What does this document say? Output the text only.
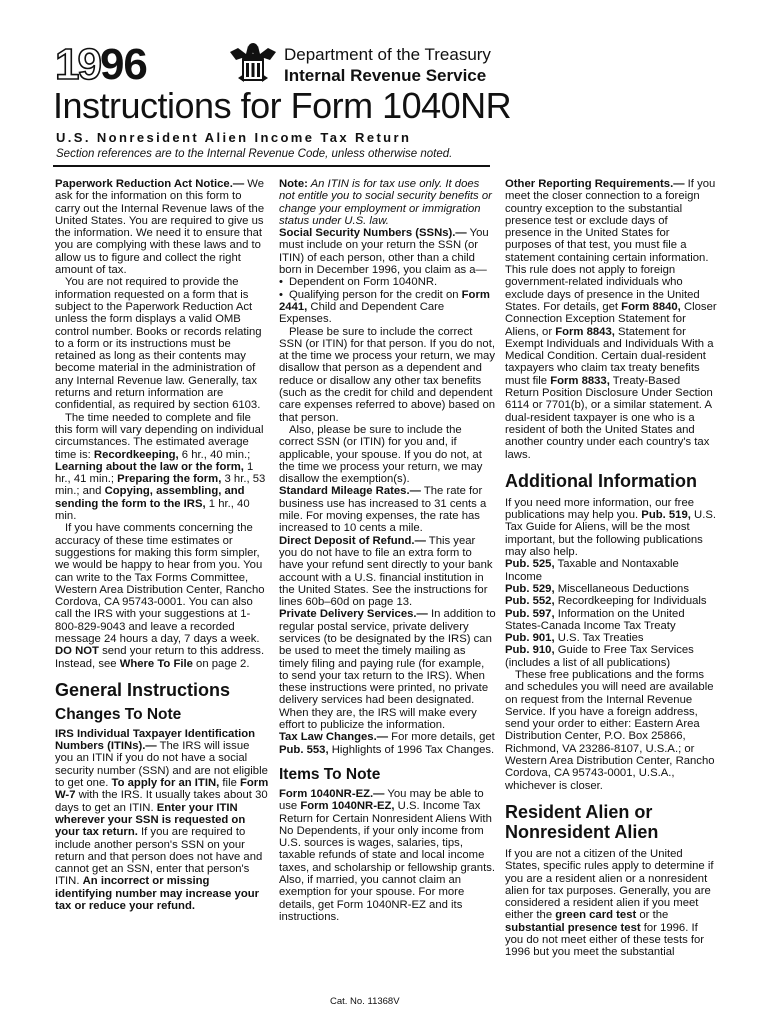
19 96	Department of the Treasury
Internal Revenue Service
Instructions for Form 1040NR
U.S. Nonresident Alien Income Tax Return
Section references are to the Internal Revenue Code, unless otherwise noted.

Paperwork Reduction Act Notice.— We ask for the information on this form to carry out the Internal Revenue laws of the United States. You are required to give us the information. We need it to ensure that you are complying with these laws and to allow us to figure and collect the right amount of tax.

You are not required to provide the information requested on a form that is subject to the Paperwork Reduction Act unless the form displays a valid OMB control number. Books or records relating to a form or its instructions must be retained as long as their contents may become material in the administration of any Internal Revenue law. Generally, tax returns and return information are confidential, as required by section 6103.

The time needed to complete and file this form will vary depending on individual circumstances. The estimated average time is: Recordkeeping, 6 hr., 40 min.; Learning about the law or the form, 1 hr., 41 min.; Preparing the form, 3 hr., 53 min.; and Copying, assembling, and sending the form to the IRS, 1 hr., 40 min.

If you have comments concerning the accuracy of these time estimates or suggestions for making this form simpler, we would be happy to hear from you. You can write to the Tax Forms Committee, Western Area Distribution Center, Rancho Cordova, CA 95743-0001. You can also call the IRS with your suggestions at 1-800-829-9043 and leave a recorded message 24 hours a day, 7 days a week. DO NOT send your return to this address. Instead, see Where To File on page 2.

General Instructions

Changes To Note

IRS Individual Taxpayer Identification Numbers (ITINs).— The IRS will issue you an ITIN if you do not have a social security number (SSN) and are not eligible to get one. To apply for an ITIN, file Form W-7 with the IRS. It usually takes about 30 days to get an ITIN. Enter your ITIN wherever your SSN is requested on your tax return. If you are required to include another person's SSN on your return and that person does not have and cannot get an SSN, enter that person's ITIN. An incorrect or missing identifying number may increase your tax or reduce your refund.

Note: An ITIN is for tax use only. It does not entitle you to social security benefits or change your employment or immigration status under U.S. law.

Social Security Numbers (SSNs).— You must include on your return the SSN (or ITIN) of each person, other than a child born in December 1996, you claim as a—

• Dependent on Form 1040NR.

• Qualifying person for the credit on Form 2441, Child and Dependent Care Expenses.

Please be sure to include the correct SSN (or ITIN) for that person. If you do not, at the time we process your return, we may disallow that person as a dependent and reduce or disallow any other tax benefits (such as the credit for child and dependent care expenses referred to above) based on that person.

Also, please be sure to include the correct SSN (or ITIN) for you and, if applicable, your spouse. If you do not, at the time we process your return, we may disallow the exemption(s).

Standard Mileage Rates.— The rate for business use has increased to 31 cents a mile. For moving expenses, the rate has increased to 10 cents a mile.

Direct Deposit of Refund.— This year you do not have to file an extra form to have your refund sent directly to your bank account with a U.S. financial institution in the United States. See the instructions for lines 60b–60d on page 13.

Private Delivery Services.— In addition to regular postal service, private delivery services (to be designated by the IRS) can be used to meet the timely mailing as timely filing and paying rule (for example, to send your tax return to the IRS). When these instructions were printed, no private delivery services had been designated. When they are, the IRS will make every effort to publicize the information.

Tax Law Changes.— For more details, get Pub. 553, Highlights of 1996 Tax Changes.

Items To Note

Form 1040NR-EZ.— You may be able to use Form 1040NR-EZ, U.S. Income Tax Return for Certain Nonresident Aliens With No Dependents, if your only income from U.S. sources is wages, salaries, tips, taxable refunds of state and local income taxes, and scholarship or fellowship grants. Also, if married, you cannot claim an exemption for your spouse. For more details, get Form 1040NR-EZ and its instructions.

Other Reporting Requirements.— If you meet the closer connection to a foreign country exception to the substantial presence test or exclude days of presence in the United States for purposes of that test, you must file a statement containing certain information. This rule does not apply to foreign government-related individuals who exclude days of presence in the United States. For details, get Form 8840, Closer Connection Exception Statement for Aliens, or Form 8843, Statement for Exempt Individuals and Individuals With a Medical Condition. Certain dual-resident taxpayers who claim tax treaty benefits must file Form 8833, Treaty-Based Return Position Disclosure Under Section 6114 or 7701(b), or a similar statement. A dual-resident taxpayer is one who is a resident of both the United States and another country under each country's tax laws.

Additional Information

If you need more information, our free publications may help you. Pub. 519, U.S. Tax Guide for Aliens, will be the most important, but the following publications may also help.

Pub. 525, Taxable and Nontaxable Income

Pub. 529, Miscellaneous Deductions

Pub. 552, Recordkeeping for Individuals

Pub. 597, Information on the United States-Canada Income Tax Treaty

Pub. 901, U.S. Tax Treaties

Pub. 910, Guide to Free Tax Services (includes a list of all publications)

These free publications and the forms and schedules you will need are available on request from the Internal Revenue Service. If you have a foreign address, send your order to either: Eastern Area Distribution Center, P.O. Box 25866, Richmond, VA 23286-8107, U.S.A.; or Western Area Distribution Center, Rancho Cordova, CA 95743-0001, U.S.A., whichever is closer.

Resident Alien or Nonresident Alien

If you are not a citizen of the United States, specific rules apply to determine if you are a resident alien or a nonresident alien for tax purposes. Generally, you are considered a resident alien if you meet either the green card test or the substantial presence test for 1996. If you do not meet either of these tests for 1996 but you meet the substantial

Cat. No. 11368V
